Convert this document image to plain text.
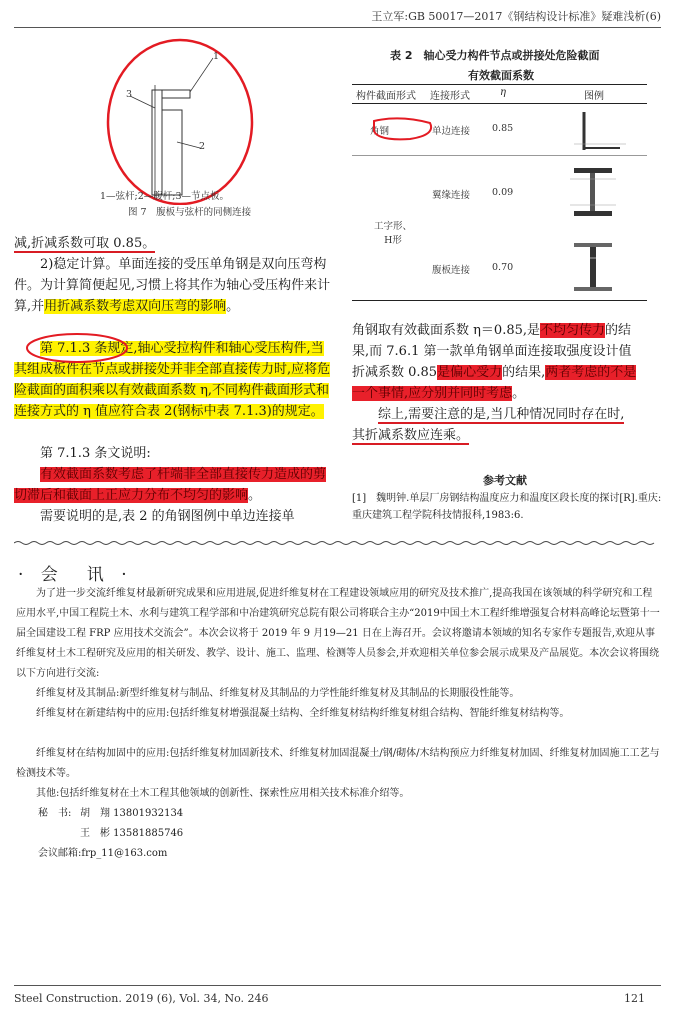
王立军:GB 50017—2017《钢结构设计标准》疑难浅析(6)
1
2
3
1—弦杆;2—腹杆;3—节点板。
图 7　腹板与弦杆的同侧连接
表 2　轴心受力构件节点或拼接处危险截面
有效截面系数
构件截面形式 连接形式	η	图例
角钢	单边连接 0.85
翼缘连接 0.09
工字形、
H形
腹板连接 0.70
减,折减系数可取 0.85。
2)稳定计算。单面连接的受压单角钢是双向压弯构件。为计算简便起见,习惯上将其作为轴心受压构件来计算,并用折减系数考虑双向压弯的影响。
第 7.1.3 条规定,轴心受拉构件和轴心受压构件,当其组成板件在节点或拼接处并非全部直接传力时,应将危险截面的面积乘以有效截面系数 η,不同构件截面形式和连接方式的 η 值应符合表 2(钢标中表 7.1.3)的规定。
第 7.1.3 条文说明:
有效截面系数考虑了杆端非全部直接传力造成的剪切滞后和截面上正应力分布不均匀的影响。
需要说明的是,表 2 的角钢图例中单边连接单
角钢取有效截面系数 η＝0.85,是不均匀传力的结
果,而 7.6.1 第一款单角钢单面连接取强度设计值
折减系数 0.85是偏心受力的结果,两者考虑的不是
一个事情,应分别并同时考虑。
综上,需要注意的是,当几种情况同时存在时,
其折减系数应连乘。
参考文献
[1]　魏明钟.单层厂房钢结构温度应力和温度区段长度的探讨[R].重庆:重庆建筑工程学院科技情报科,1983:6.
· 会　讯 ·
为了进一步交流纤维复材最新研究成果和应用进展,促进纤维复材在工程建设领域应用的研究及技术推广,提高我国在该领域的科学研究和工程应用水平,中国工程院土木、水利与建筑工程学部和中冶建筑研究总院有限公司将联合主办“2019中国土木工程纤维增强复合材料高峰论坛暨第十一届全国建设工程 FRP 应用技术交流会”。本次会议将于 2019 年 9 月19—21 日在上海召开。会议将邀请本领域的知名专家作专题报告,欢迎从事纤维复材土木工程研究及应用的相关研发、教学、设计、施工、监理、检测等人员参会,并欢迎相关单位参会展示成果及产品展览。本次会议将围绕以下方向进行交流:
纤维复材及其制品:新型纤维复材与制品、纤维复材及其制品的力学性能纤维复材及其制品的长期服役性能等。
纤维复材在新建结构中的应用:包括纤维复材增强混凝土结构、全纤维复材结构纤维复材组合结构、智能纤维复材结构等。
纤维复材在结构加固中的应用:包括纤维复材加固新技术、纤维复材加固混凝土/钢/砌体/木结构预应力纤维复材加固、纤维复材加固施工工艺与检测技术等。
其他:包括纤维复材在土木工程其他领域的创新性、探索性应用相关技术标准介绍等。
秘　书: 胡　翔 13801932134
王　彬 13581885746
会议邮箱:frp_11@163.com
Steel Construction. 2019 (6), Vol. 34, No. 246	121
